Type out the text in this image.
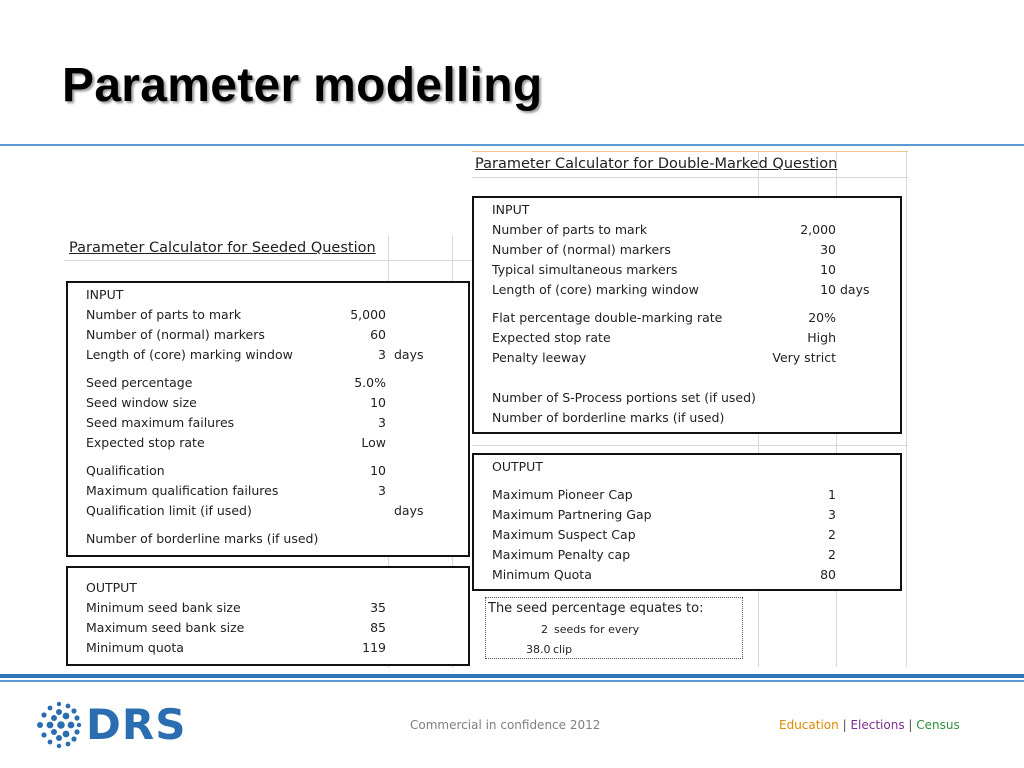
Parameter modelling
Parameter Calculator for Seeded Question
INPUT
Number of parts to mark	5,000
Number of (normal) markers	60
Length of (core) marking window	3 days
Seed percentage	5.0%
Seed window size	10
Seed maximum failures	3
Expected stop rate	Low
Qualification	10
Maximum qualification failures	3
Qualification limit (if used)	days
Number of borderline marks (if used)
OUTPUT
Minimum seed bank size	35
Maximum seed bank size	85
Minimum quota	119
Parameter Calculator for Double-Marked Question
INPUT
Number of parts to mark	2,000
Number of (normal) markers	30
Typical simultaneous markers	10
Length of (core) marking window	10 days
Flat percentage double-marking rate	20%
Expected stop rate	High
Penalty leeway	Very strict
Number of S-Process portions set (if used)
Number of borderline marks (if used)
OUTPUT
Maximum Pioneer Cap	1
Maximum Partnering Gap	3
Maximum Suspect Cap	2
Maximum Penalty cap	2
Minimum Quota	80
The seed percentage equates to:
2 seeds for every
38.0 clip
DRS	Commercial in confidence 2012	Education | Elections | Census
